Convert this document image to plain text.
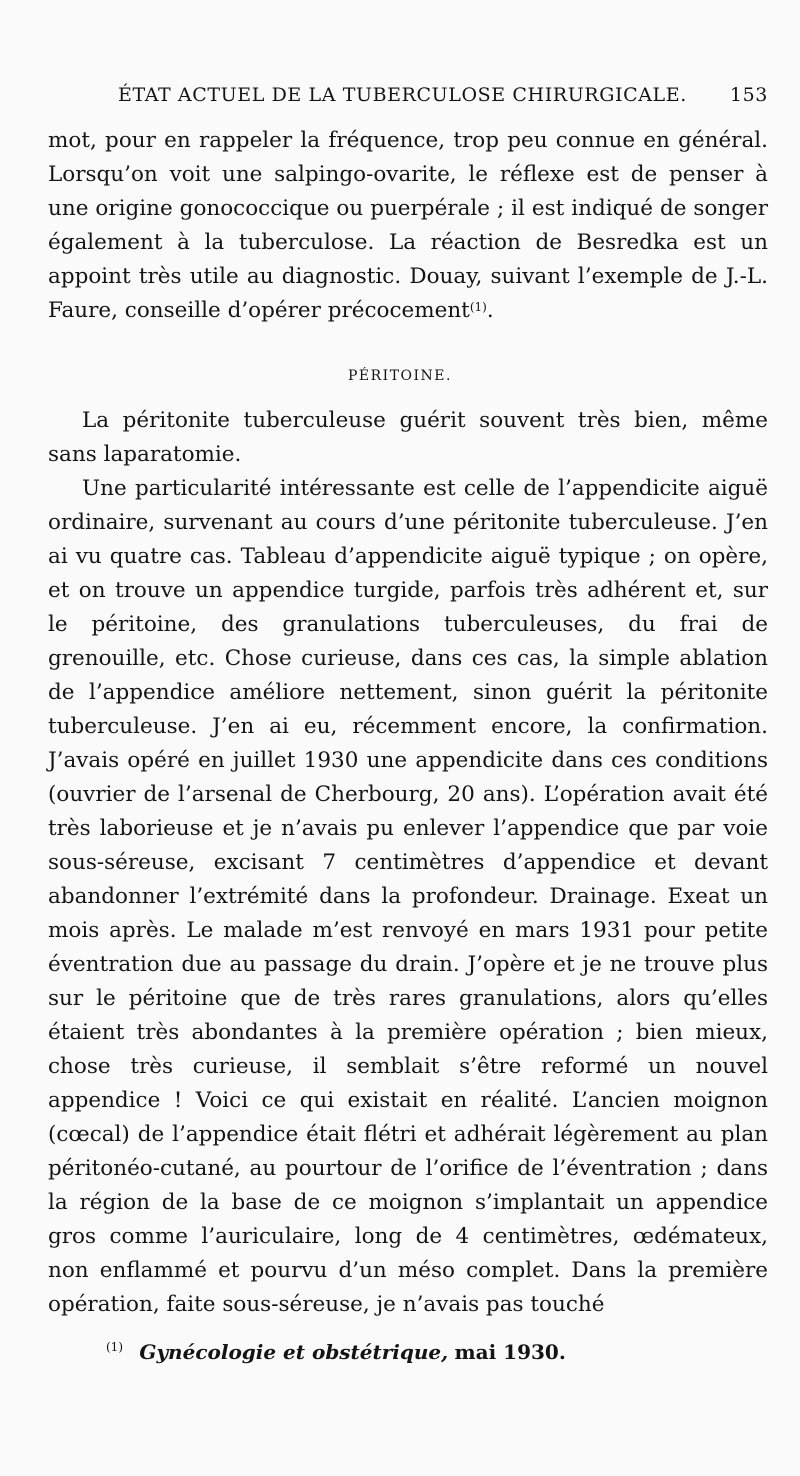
ÉTAT ACTUEL DE LA TUBERCULOSE CHIRURGICALE. 153

mot, pour en rappeler la fréquence, trop peu connue en général. Lorsqu’on voit une salpingo-ovarite, le réflexe est de penser à une origine gonococcique ou puerpérale ; il est indiqué de songer également à la tuberculose. La réaction de Besredka est un appoint très utile au diagnostic. Douay, suivant l’exemple de J.-L. Faure, conseille d’opérer précocement$^{(1)}$.

PÉRITOINE.

La péritonite tuberculeuse guérit souvent très bien, même sans laparatomie.

Une particularité intéressante est celle de l’appendicite aiguë ordinaire, survenant au cours d’une péritonite tuberculeuse. J’en ai vu quatre cas. Tableau d’appendicite aiguë typique ; on opère, et on trouve un appendice turgide, parfois très adhérent et, sur le péritoine, des granulations tuberculeuses, du frai de grenouille, etc. Chose curieuse, dans ces cas, la simple ablation de l’appendice améliore nettement, sinon guérit la péritonite tuberculeuse. J’en ai eu, récemment encore, la confirmation. J’avais opéré en juillet 1930 une appendicite dans ces conditions (ouvrier de l’arsenal de Cherbourg, 20 ans). L’opération avait été très laborieuse et je n’avais pu enlever l’appendice que par voie sous-séreuse, excisant 7 centimètres d’appendice et devant abandonner l’extrémité dans la profondeur. Drainage. Exeat un mois après. Le malade m’est renvoyé en mars 1931 pour petite éventration due au passage du drain. J’opère et je ne trouve plus sur le péritoine que de très rares granulations, alors qu’elles étaient très abondantes à la première opération ; bien mieux, chose très curieuse, il semblait s’être reformé un nouvel appendice ! Voici ce qui existait en réalité. L’ancien moignon (cœcal) de l’appendice était flétri et adhérait légèrement au plan péritonéo-cutané, au pourtour de l’orifice de l’éventration ; dans la région de la base de ce moignon s’implantait un appendice gros comme l’auriculaire, long de 4 centimètres, œdémateux, non enflammé et pourvu d’un méso complet. Dans la première opération, faite sous-séreuse, je n’avais pas touché

$^{(1)}$ Gynécologie et obstétrique, mai 1930.
